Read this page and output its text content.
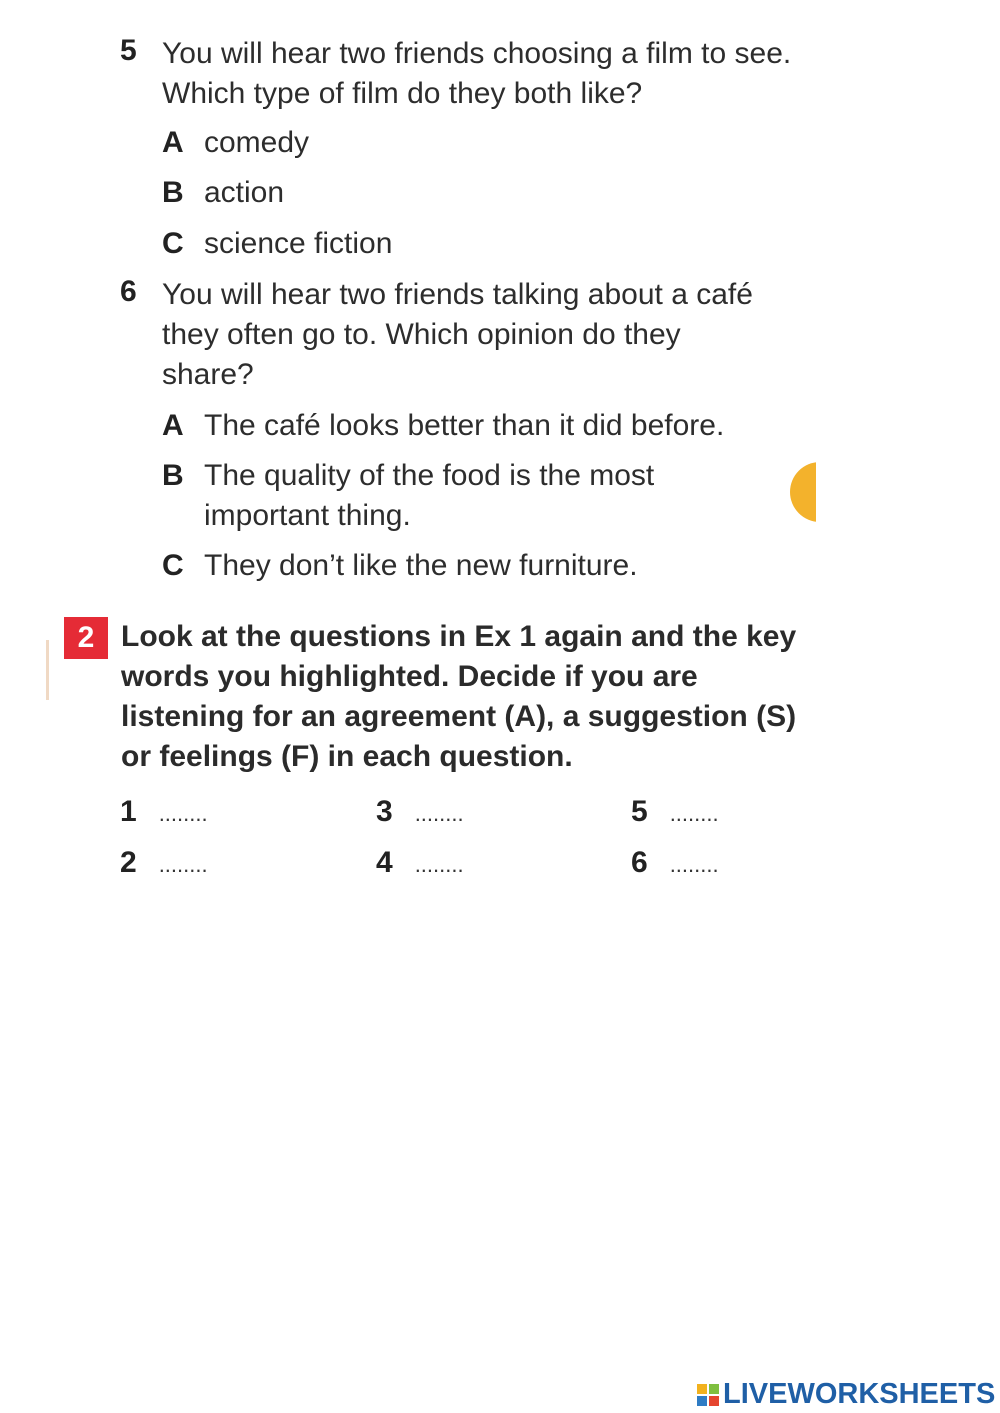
5 You will hear two friends choosing a film to see. Which type of film do they both like?
A comedy
B action
C science fiction
6 You will hear two friends talking about a café they often go to. Which opinion do they share?
A The café looks better than it did before.
B The quality of the food is the most important thing.
C They don’t like the new furniture.
2 Look at the questions in Ex 1 again and the key words you highlighted. Decide if you are listening for an agreement (A), a suggestion (S) or feelings (F) in each question.
1 ........
2 ........
3 ........
4 ........
5 ........
6 ........
LIVEWORKSHEETS
